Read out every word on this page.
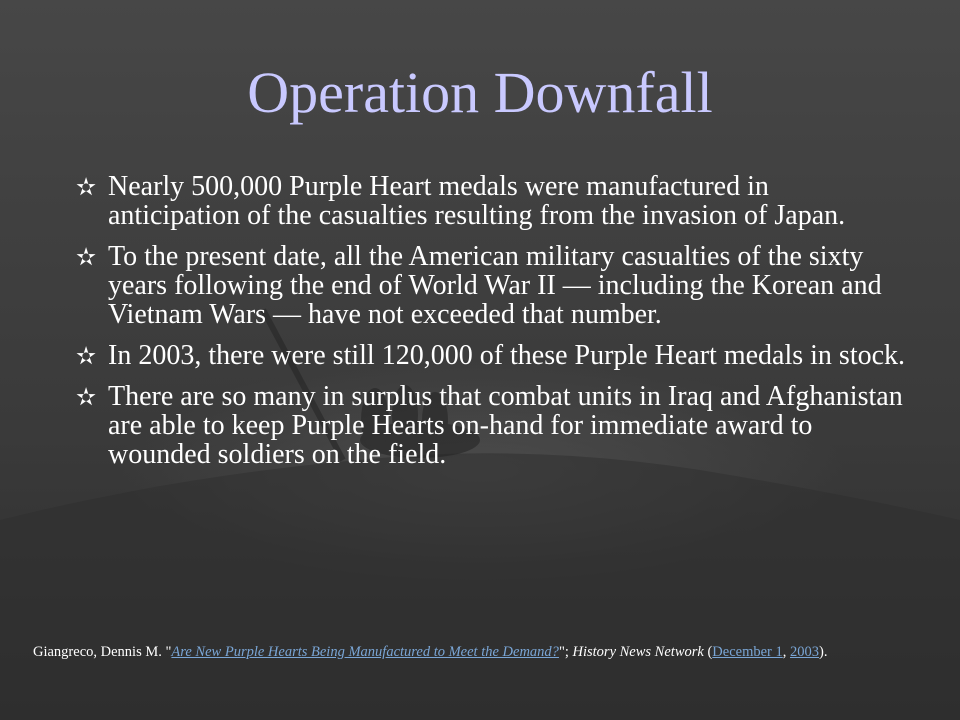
Operation Downfall
✫ Nearly 500,000 Purple Heart medals were manufactured in anticipation of the casualties resulting from the invasion of Japan.
✫ To the present date, all the American military casualties of the sixty years following the end of World War II — including the Korean and Vietnam Wars — have not exceeded that number.
✫ In 2003, there were still 120,000 of these Purple Heart medals in stock.
✫ There are so many in surplus that combat units in Iraq and Afghanistan are able to keep Purple Hearts on-hand for immediate award to wounded soldiers on the field.
Giangreco, Dennis M. "Are New Purple Hearts Being Manufactured to Meet the Demand?"; History News Network (December 1, 2003).
